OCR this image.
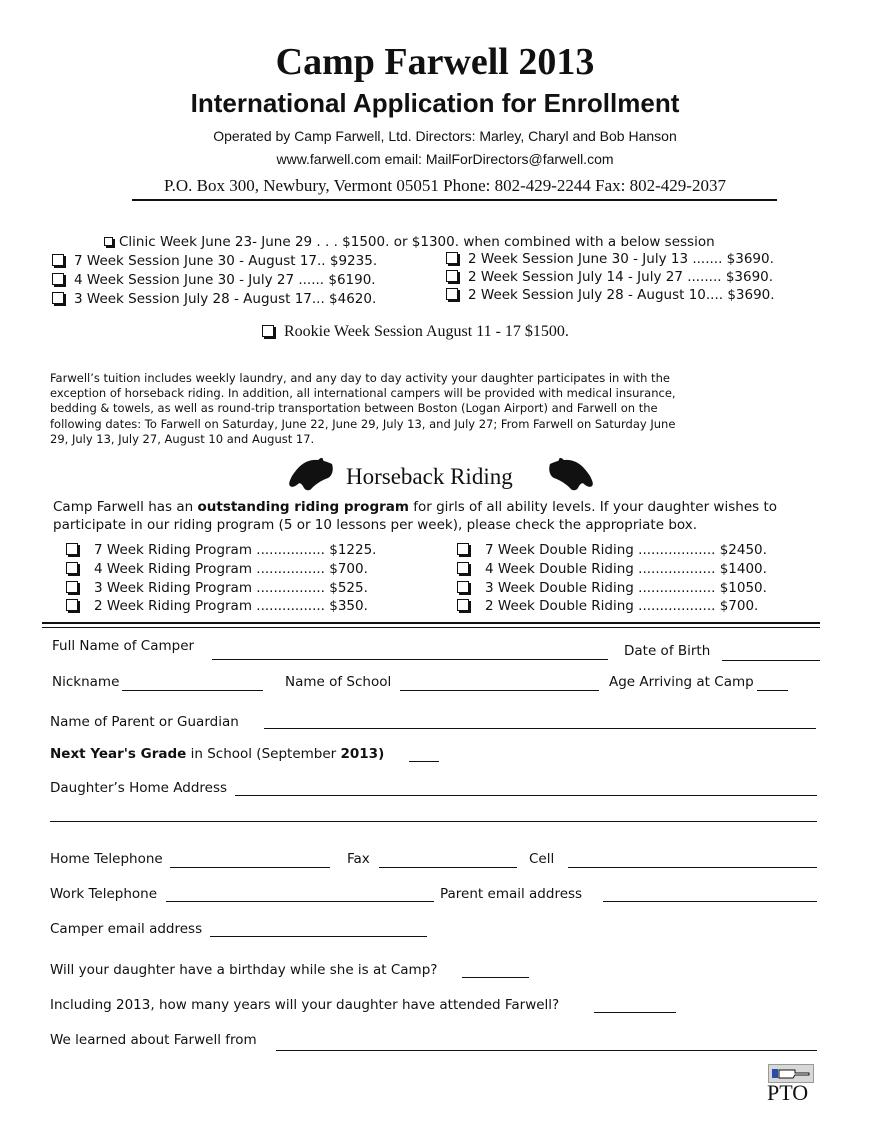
Camp Farwell 2013
International Application for Enrollment
Operated by Camp Farwell, Ltd. Directors: Marley, Charyl and Bob Hanson
www.farwell.com email: MailForDirectors@farwell.com
P.O. Box 300, Newbury, Vermont 05051 Phone: 802-429-2244 Fax: 802-429-2037
Clinic Week June 23- June 29 . . . $1500. or $1300. when combined with a below session
7 Week Session June 30 - August 17.. $9235.
4 Week Session June 30 - July 27 ...... $6190.
3 Week Session July 28 - August 17... $4620.
2 Week Session June 30 - July 13 ....... $3690.
2 Week Session July 14 - July 27 ........ $3690.
2 Week Session July 28 - August 10.... $3690.
Rookie Week Session August 11 - 17 $1500.
Farwell’s tuition includes weekly laundry, and any day to day activity your daughter participates in with the
exception of horseback riding. In addition, all international campers will be provided with medical insurance,
bedding & towels, as well as round-trip transportation between Boston (Logan Airport) and Farwell on the
following dates: To Farwell on Saturday, June 22, June 29, July 13, and July 27; From Farwell on Saturday June
29, July 13, July 27, August 10 and August 17.
Horseback Riding
Camp Farwell has an outstanding riding program for girls of all ability levels. If your daughter wishes to
participate in our riding program (5 or 10 lessons per week), please check the appropriate box.
7 Week Riding Program ................ $1225.
4 Week Riding Program ................ $700.
3 Week Riding Program ................ $525.
2 Week Riding Program ................ $350.
7 Week Double Riding .................. $2450.
4 Week Double Riding .................. $1400.
3 Week Double Riding .................. $1050.
2 Week Double Riding .................. $700.
Full Name of Camper	Date of Birth
Nickname	Name of School	Age Arriving at Camp
Name of Parent or Guardian
Next Year's Grade in School (September 2013)
Daughter’s Home Address
Home Telephone	Fax	Cell
Work Telephone	Parent email address
Camper email address
Will your daughter have a birthday while she is at Camp?
Including 2013, how many years will your daughter have attended Farwell?
We learned about Farwell from
PTO
